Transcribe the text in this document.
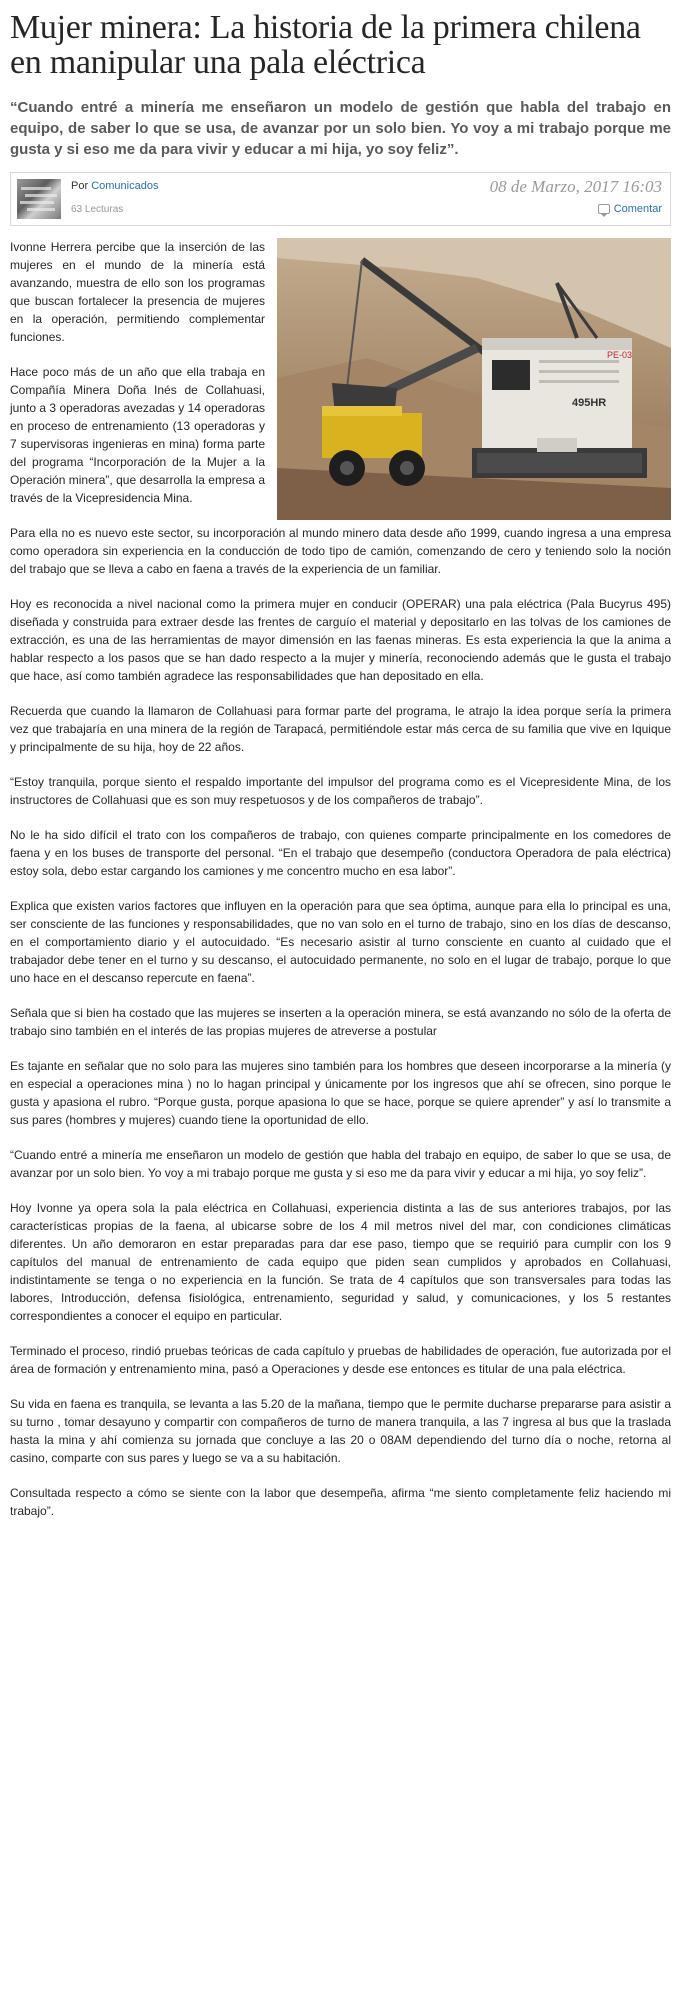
Mujer minera: La historia de la primera chilena en manipular una pala eléctrica

“Cuando entré a minería me enseñaron un modelo de gestión que habla del trabajo en equipo, de saber lo que se usa, de avanzar por un solo bien. Yo voy a mi trabajo porque me gusta y si eso me da para vivir y educar a mi hija, yo soy feliz”.

Por Comunicados
63 Lecturas
08 de Marzo, 2017 16:03
Comentar
495HR
PE-03

Ivonne Herrera percibe que la inserción de las mujeres en el mundo de la minería está avanzando, muestra de ello son los programas que buscan fortalecer la presencia de mujeres en la operación, permitiendo complementar funciones.

Hace poco más de un año que ella trabaja en Compañía Minera Doña Inés de Collahuasi, junto a 3 operadoras avezadas y 14 operadoras en proceso de entrenamiento (13 operadoras y 7 supervisoras ingenieras en mina) forma parte del programa “Incorporación de la Mujer a la Operación minera”, que desarrolla la empresa a través de la Vicepresidencia Mina.

Para ella no es nuevo este sector, su incorporación al mundo minero data desde año 1999, cuando ingresa a una empresa como operadora sin experiencia en la conducción de todo tipo de camión, comenzando de cero y teniendo solo la noción del trabajo que se lleva a cabo en faena a través de la experiencia de un familiar.

Hoy es reconocida a nivel nacional como la primera mujer en conducir (OPERAR) una pala eléctrica (Pala Bucyrus 495) diseñada y construida para extraer desde las frentes de carguío el material y depositarlo en las tolvas de los camiones de extracción, es una de las herramientas de mayor dimensión en las faenas mineras. Es esta experiencia la que la anima a hablar respecto a los pasos que se han dado respecto a la mujer y minería, reconociendo además que le gusta el trabajo que hace, así como también agradece las responsabilidades que han depositado en ella.

Recuerda que cuando la llamaron de Collahuasi para formar parte del programa, le atrajo la idea porque sería la primera vez que trabajaría en una minera de la región de Tarapacá, permitiéndole estar más cerca de su familia que vive en Iquique y principalmente de su hija, hoy de 22 años.

“Estoy tranquila, porque siento el respaldo importante del impulsor del programa como es el Vicepresidente Mina, de los instructores de Collahuasi que es son muy respetuosos y de los compañeros de trabajo”.

No le ha sido difícil el trato con los compañeros de trabajo, con quienes comparte principalmente en los comedores de faena y en los buses de transporte del personal. “En el trabajo que desempeño (conductora Operadora de pala eléctrica) estoy sola, debo estar cargando los camiones y me concentro mucho en esa labor”.

Explica que existen varios factores que influyen en la operación para que sea óptima, aunque para ella lo principal es una, ser consciente de las funciones y responsabilidades, que no van solo en el turno de trabajo, sino en los días de descanso, en el comportamiento diario y el autocuidado. “Es necesario asistir al turno consciente en cuanto al cuidado que el trabajador debe tener en el turno y su descanso, el autocuidado permanente, no solo en el lugar de trabajo, porque lo que uno hace en el descanso repercute en faena”.

Señala que si bien ha costado que las mujeres se inserten a la operación minera, se está avanzando no sólo de la oferta de trabajo sino también en el interés de las propias mujeres de atreverse a postular

Es tajante en señalar que no solo para las mujeres sino también para los hombres que deseen incorporarse a la minería (y en especial a operaciones mina ) no lo hagan principal y únicamente por los ingresos que ahí se ofrecen, sino porque le gusta y apasiona el rubro. “Porque gusta, porque apasiona lo que se hace, porque se quiere aprender” y así lo transmite a sus pares (hombres y mujeres) cuando tiene la oportunidad de ello.

“Cuando entré a minería me enseñaron un modelo de gestión que habla del trabajo en equipo, de saber lo que se usa, de avanzar por un solo bien. Yo voy a mi trabajo porque me gusta y si eso me da para vivir y educar a mi hija, yo soy feliz”.

Hoy Ivonne ya opera sola la pala eléctrica en Collahuasi, experiencia distinta a las de sus anteriores trabajos, por las características propias de la faena, al ubicarse sobre de los 4 mil metros nivel del mar, con condiciones climáticas diferentes. Un año demoraron en estar preparadas para dar ese paso, tiempo que se requirió para cumplir con los 9 capítulos del manual de entrenamiento de cada equipo que piden sean cumplidos y aprobados en Collahuasi, indistintamente se tenga o no experiencia en la función. Se trata de 4 capítulos que son transversales para todas las labores, Introducción, defensa fisiológica, entrenamiento, seguridad y salud, y comunicaciones, y los 5 restantes correspondientes a conocer el equipo en particular.

Terminado el proceso, rindió pruebas teóricas de cada capítulo y pruebas de habilidades de operación, fue autorizada por el área de formación y entrenamiento mina, pasó a Operaciones y desde ese entonces es titular de una pala eléctrica.

Su vida en faena es tranquila, se levanta a las 5.20 de la mañana, tiempo que le permite ducharse prepararse para asistir a su turno , tomar desayuno y compartir con compañeros de turno de manera tranquila, a las 7 ingresa al bus que la traslada hasta la mina y ahí comienza su jornada que concluye a las 20 o 08AM dependiendo del turno día o noche, retorna al casino, comparte con sus pares y luego se va a su habitación.

Consultada respecto a cómo se siente con la labor que desempeña, afirma “me siento completamente feliz haciendo mi trabajo”.
